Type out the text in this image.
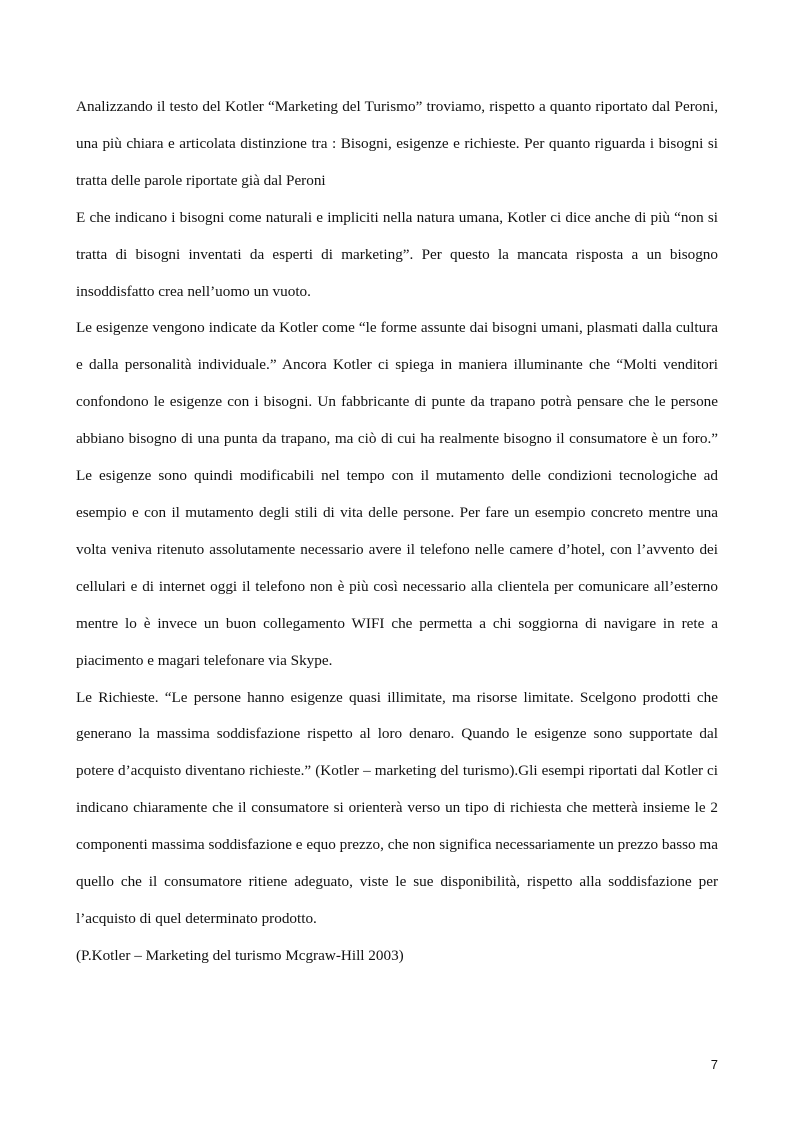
Analizzando il testo del Kotler “Marketing del Turismo” troviamo, rispetto a quanto riportato dal Peroni, una più chiara e articolata distinzione tra : Bisogni, esigenze e richieste. Per quanto riguarda i bisogni si tratta delle parole riportate già dal Peroni

E che indicano i bisogni come naturali e impliciti nella natura umana, Kotler ci dice anche di più “non si tratta di bisogni inventati da esperti di marketing”. Per questo la mancata risposta a un bisogno insoddisfatto crea nell’uomo un vuoto.

Le esigenze vengono indicate da Kotler come “le forme assunte dai bisogni umani, plasmati dalla cultura e dalla personalità individuale.” Ancora Kotler ci spiega in maniera illuminante che “Molti venditori confondono le esigenze con i bisogni. Un fabbricante di punte da trapano potrà pensare che le persone abbiano bisogno di una punta da trapano, ma ciò di cui ha realmente bisogno il consumatore è un foro.” Le esigenze sono quindi modificabili nel tempo con il mutamento delle condizioni tecnologiche ad esempio e con il mutamento degli stili di vita delle persone. Per fare un esempio concreto mentre una volta veniva ritenuto assolutamente necessario avere il telefono nelle camere d’hotel, con l’avvento dei cellulari e di internet oggi il telefono non è più così necessario alla clientela per comunicare all’esterno mentre lo è invece un buon collegamento WIFI che permetta a chi soggiorna di navigare in rete a piacimento e magari telefonare via Skype.

Le Richieste. “Le persone hanno esigenze quasi illimitate, ma risorse limitate. Scelgono prodotti che generano la massima soddisfazione rispetto al loro denaro. Quando le esigenze sono supportate dal potere d’acquisto diventano richieste.” (Kotler – marketing del turismo).Gli esempi riportati dal Kotler ci indicano chiaramente che il consumatore si orienterà verso un tipo di richiesta che metterà insieme le 2 componenti massima soddisfazione e equo prezzo, che non significa necessariamente un prezzo basso ma quello che il consumatore ritiene adeguato, viste le sue disponibilità, rispetto alla soddisfazione per l’acquisto di quel determinato prodotto.

(P.Kotler – Marketing del turismo Mcgraw-Hill 2003)

7
